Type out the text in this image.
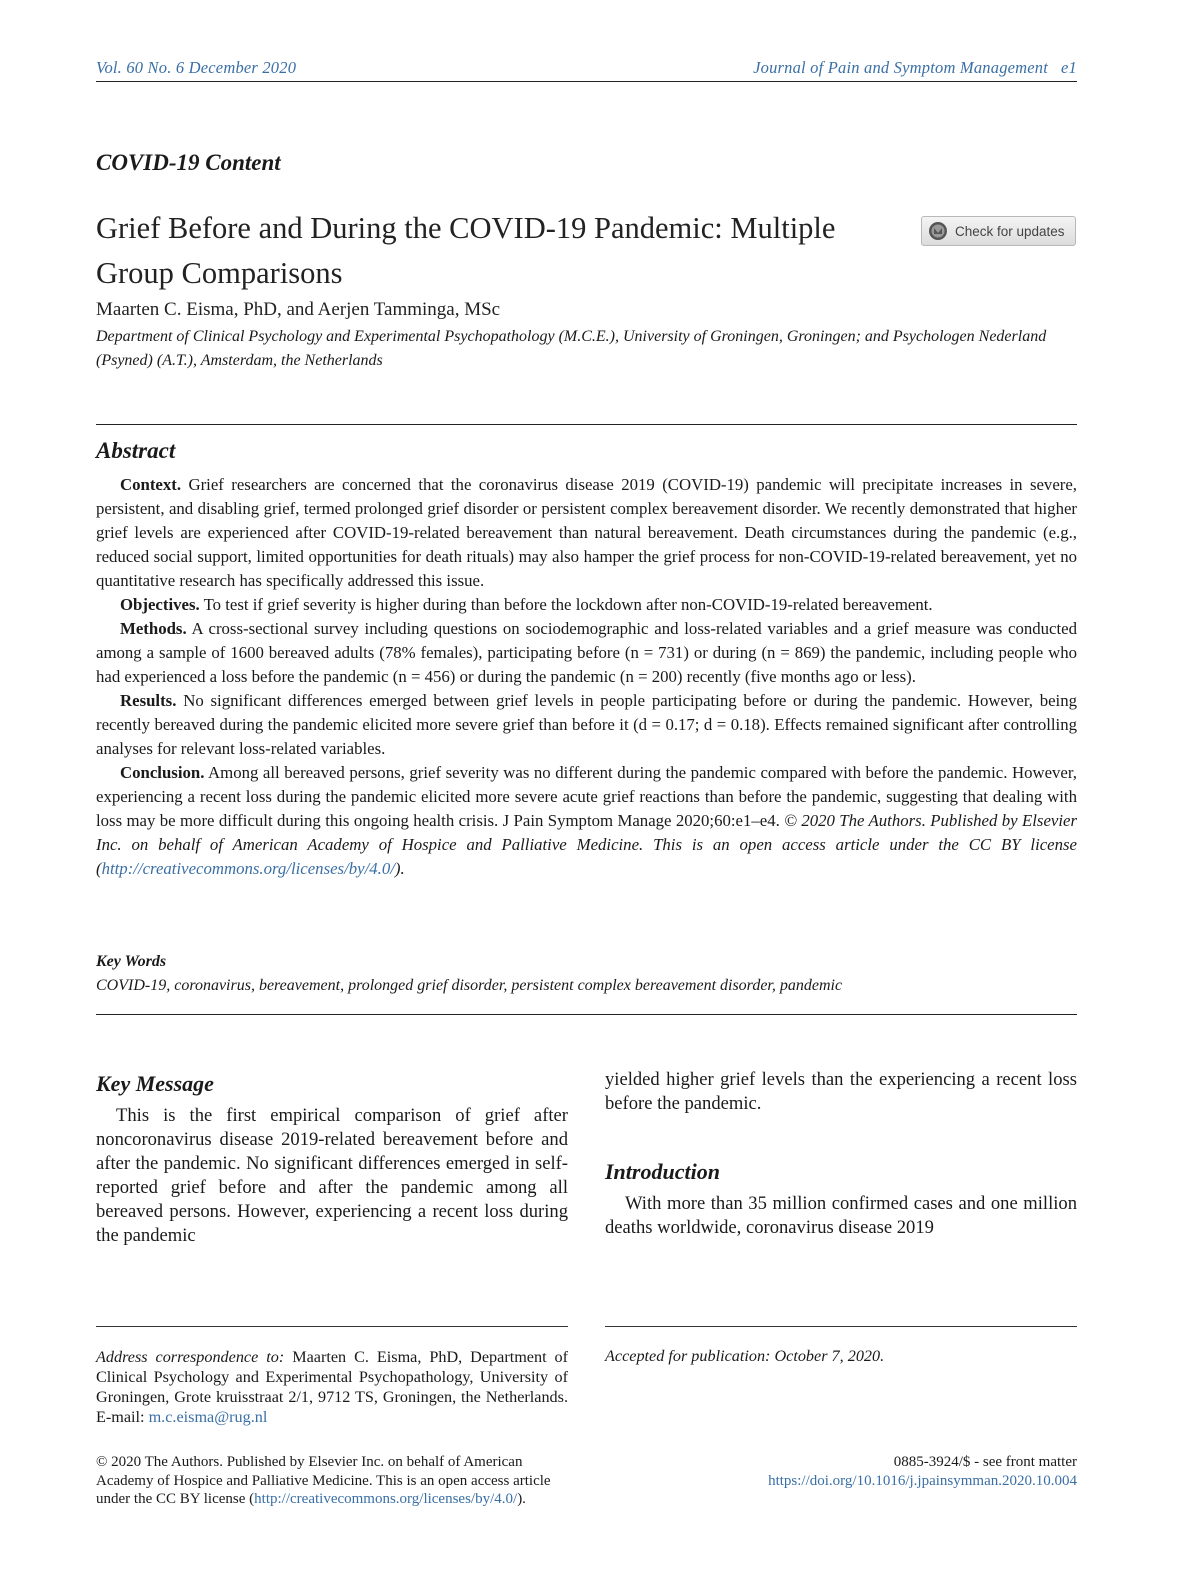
Vol. 60 No. 6 December 2020	Journal of Pain and Symptom Management   e1
COVID-19 Content
Grief Before and During the COVID-19 Pandemic: Multiple Group Comparisons
Check for updates
Maarten C. Eisma, PhD, and Aerjen Tamminga, MSc
Department of Clinical Psychology and Experimental Psychopathology (M.C.E.), University of Groningen, Groningen; and Psychologen Nederland (Psyned) (A.T.), Amsterdam, the Netherlands
Abstract

Context. Grief researchers are concerned that the coronavirus disease 2019 (COVID-19) pandemic will precipitate increases in severe, persistent, and disabling grief, termed prolonged grief disorder or persistent complex bereavement disorder. We recently demonstrated that higher grief levels are experienced after COVID-19-related bereavement than natural bereavement. Death circumstances during the pandemic (e.g., reduced social support, limited opportunities for death rituals) may also hamper the grief process for non-COVID-19-related bereavement, yet no quantitative research has specifically addressed this issue.

Objectives. To test if grief severity is higher during than before the lockdown after non-COVID-19-related bereavement.

Methods. A cross-sectional survey including questions on sociodemographic and loss-related variables and a grief measure was conducted among a sample of 1600 bereaved adults (78% females), participating before (n = 731) or during (n = 869) the pandemic, including people who had experienced a loss before the pandemic (n = 456) or during the pandemic (n = 200) recently (five months ago or less).

Results. No significant differences emerged between grief levels in people participating before or during the pandemic. However, being recently bereaved during the pandemic elicited more severe grief than before it (d = 0.17; d = 0.18). Effects remained significant after controlling analyses for relevant loss-related variables.

Conclusion. Among all bereaved persons, grief severity was no different during the pandemic compared with before the pandemic. However, experiencing a recent loss during the pandemic elicited more severe acute grief reactions than before the pandemic, suggesting that dealing with loss may be more difficult during this ongoing health crisis. J Pain Symptom Manage 2020;60:e1–e4. © 2020 The Authors. Published by Elsevier Inc. on behalf of American Academy of Hospice and Palliative Medicine. This is an open access article under the CC BY license (http://creativecommons.org/licenses/by/4.0/).

Key Words
COVID-19, coronavirus, bereavement, prolonged grief disorder, persistent complex bereavement disorder, pandemic
Key Message

This is the first empirical comparison of grief after noncoronavirus disease 2019-related bereavement before and after the pandemic. No significant differences emerged in self-reported grief before and after the pandemic among all bereaved persons. However, experiencing a recent loss during the pandemic

yielded higher grief levels than the experiencing a recent loss before the pandemic.

Introduction

With more than 35 million confirmed cases and one million deaths worldwide, coronavirus disease 2019

Address correspondence to: Maarten C. Eisma, PhD, Department of Clinical Psychology and Experimental Psychopathology, University of Groningen, Grote kruisstraat 2/1, 9712 TS, Groningen, the Netherlands. E-mail: m.c.eisma@rug.nl
Accepted for publication: October 7, 2020.
© 2020 The Authors. Published by Elsevier Inc. on behalf of American Academy of Hospice and Palliative Medicine. This is an open access article under the CC BY license (http://creativecommons.org/licenses/by/4.0/).
0885-3924/$ - see front matter
https://doi.org/10.1016/j.jpainsymman.2020.10.004
